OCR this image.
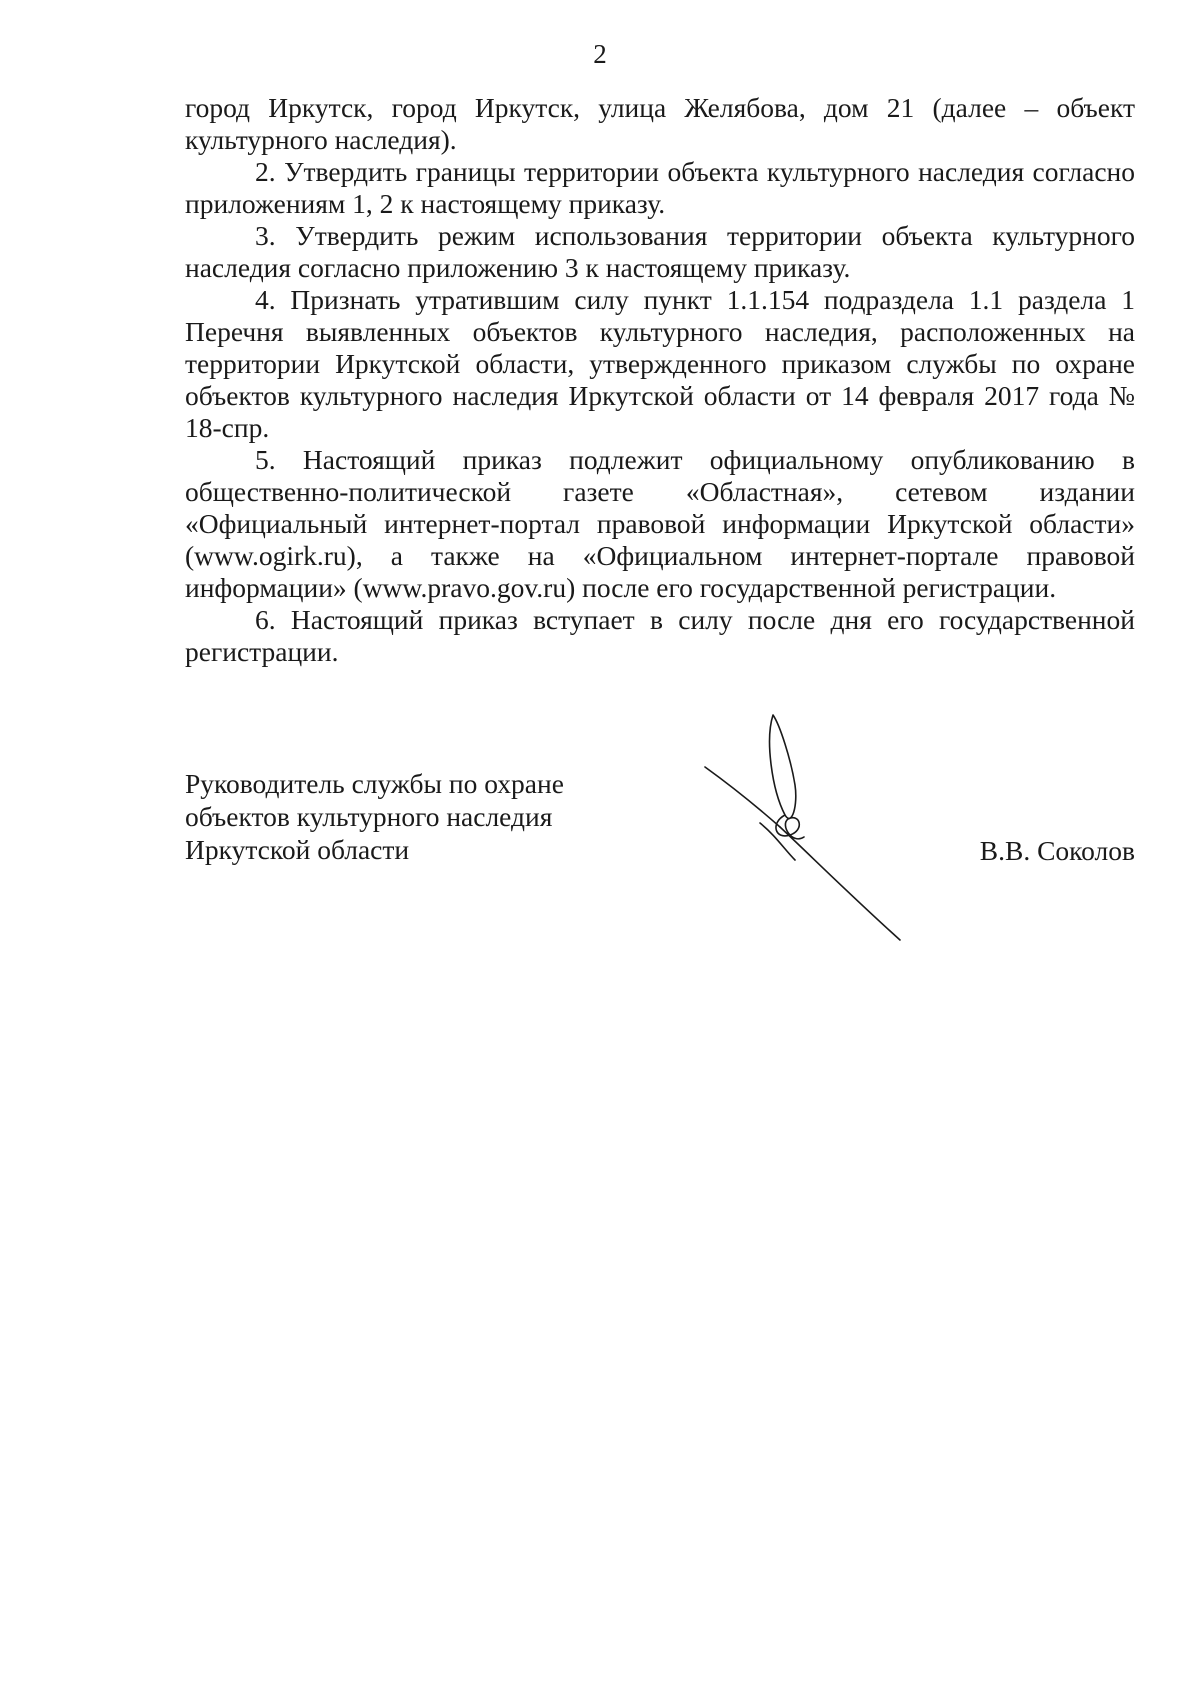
2

город Иркутск, город Иркутск, улица Желябова, дом 21 (далее – объект культурного наследия).

2. Утвердить границы территории объекта культурного наследия согласно приложениям 1, 2 к настоящему приказу.

3. Утвердить режим использования территории объекта культурного наследия согласно приложению 3 к настоящему приказу.

4. Признать утратившим силу пункт 1.1.154 подраздела 1.1 раздела 1 Перечня выявленных объектов культурного наследия, расположенных на территории Иркутской области, утвержденного приказом службы по охране объектов культурного наследия Иркутской области от 14 февраля 2017 года № 18-спр.

5. Настоящий приказ подлежит официальному опубликованию в общественно-политической газете «Областная», сетевом издании «Официальный интернет-портал правовой информации Иркутской области» (www.ogirk.ru), а также на «Официальном интернет-портале правовой информации» (www.pravo.gov.ru) после его государственной регистрации.

6. Настоящий приказ вступает в силу после дня его государственной регистрации.

Руководитель службы по охране
объектов культурного наследия
Иркутской области	В.В. Соколов
